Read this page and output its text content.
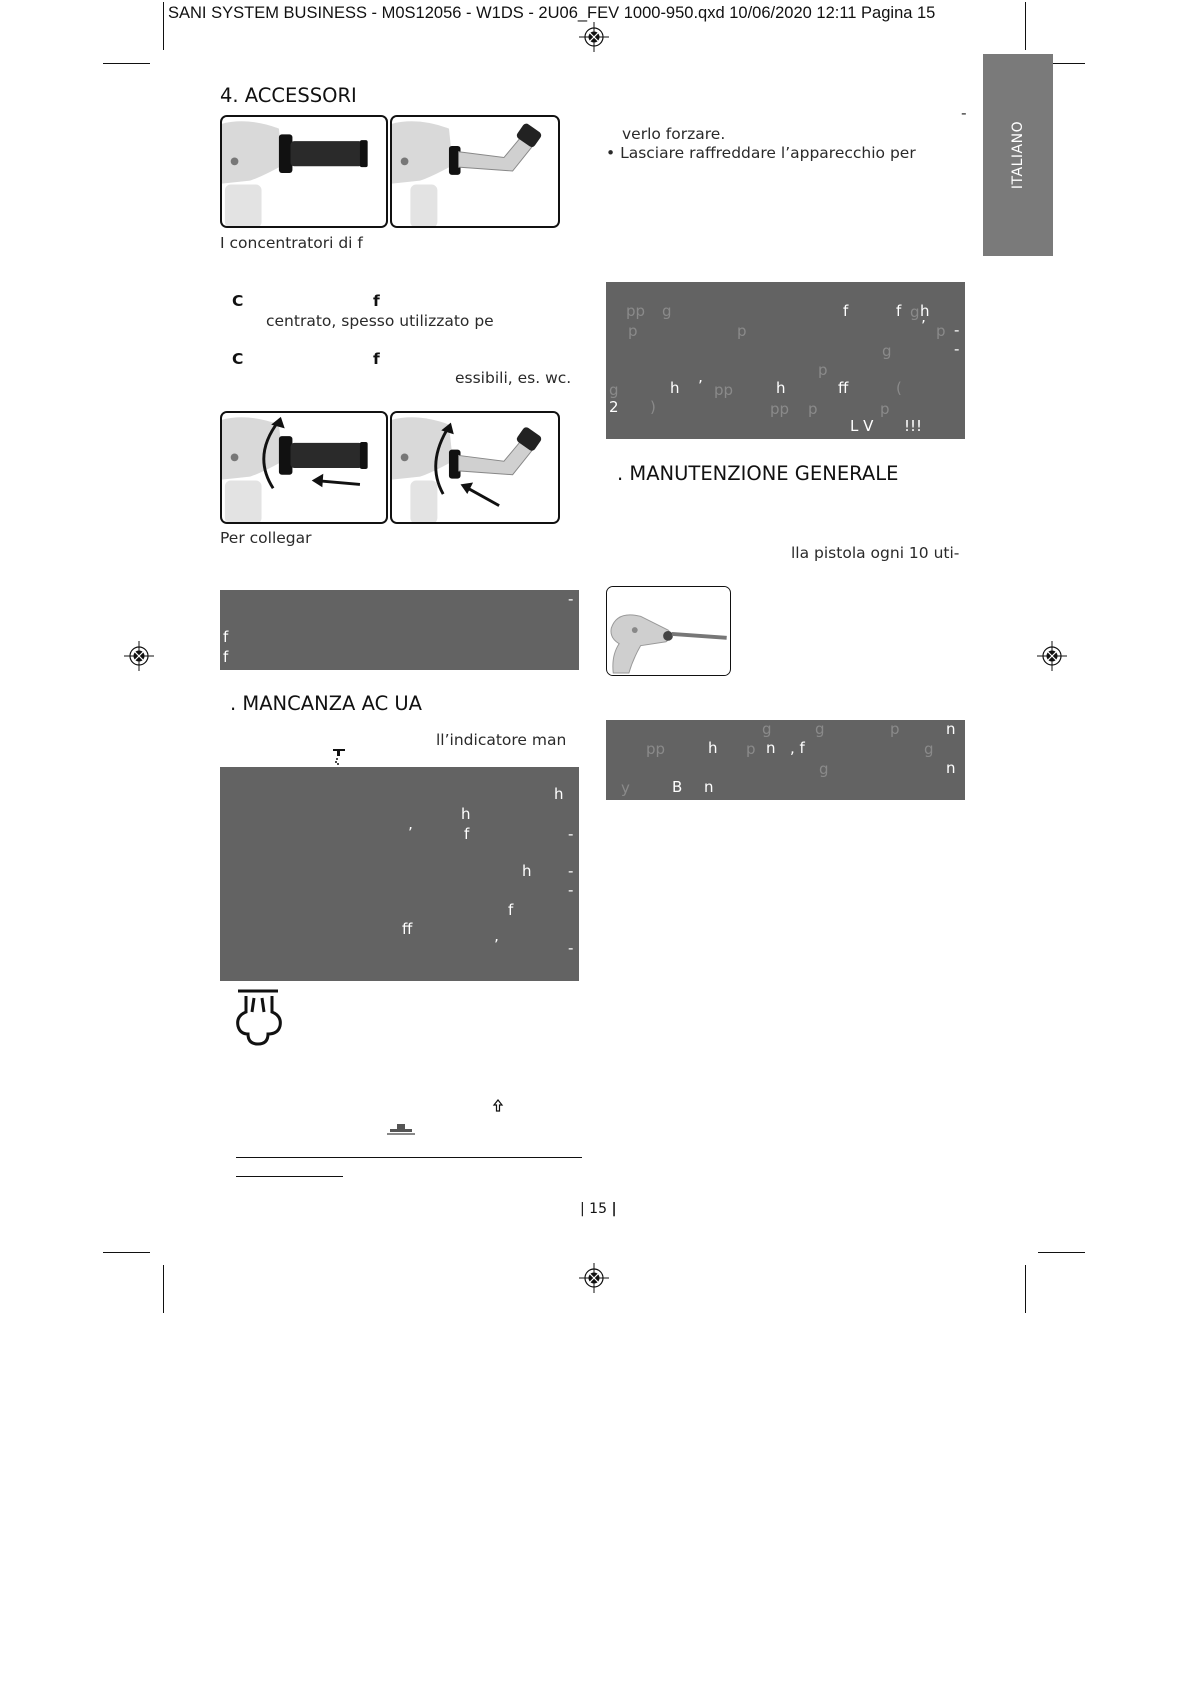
SANI SYSTEM BUSINESS - M0S12056 - W1DS - 2U06_FEV 1000-950.qxd 10/06/2020 12:11 Pagina 15
ITALIANO
4. ACCESSORI
I concentratori di f
C	f
centrato, spesso utilizzato pe
C	f
essibili, es. wc.
Per collegar
-
f
f
. MANCANZA AC UA
ll’indicatore man
h
h
’	f	-
h -
-
f
ff
’	-
-
verlo forzare.
• Lasciare raffreddare l’apparecchio per
pp g	f	f g h
p	p	’ p -
g	-
p
g	h ’ pp	h	ff	(
2 )	pp p	p
L V !!!
. MANUTENZIONE GENERALE
lla pistola ogni 10 uti-
g	g	p	n
pp	h p n , f	g
g	n
y	B n
| 15 |
